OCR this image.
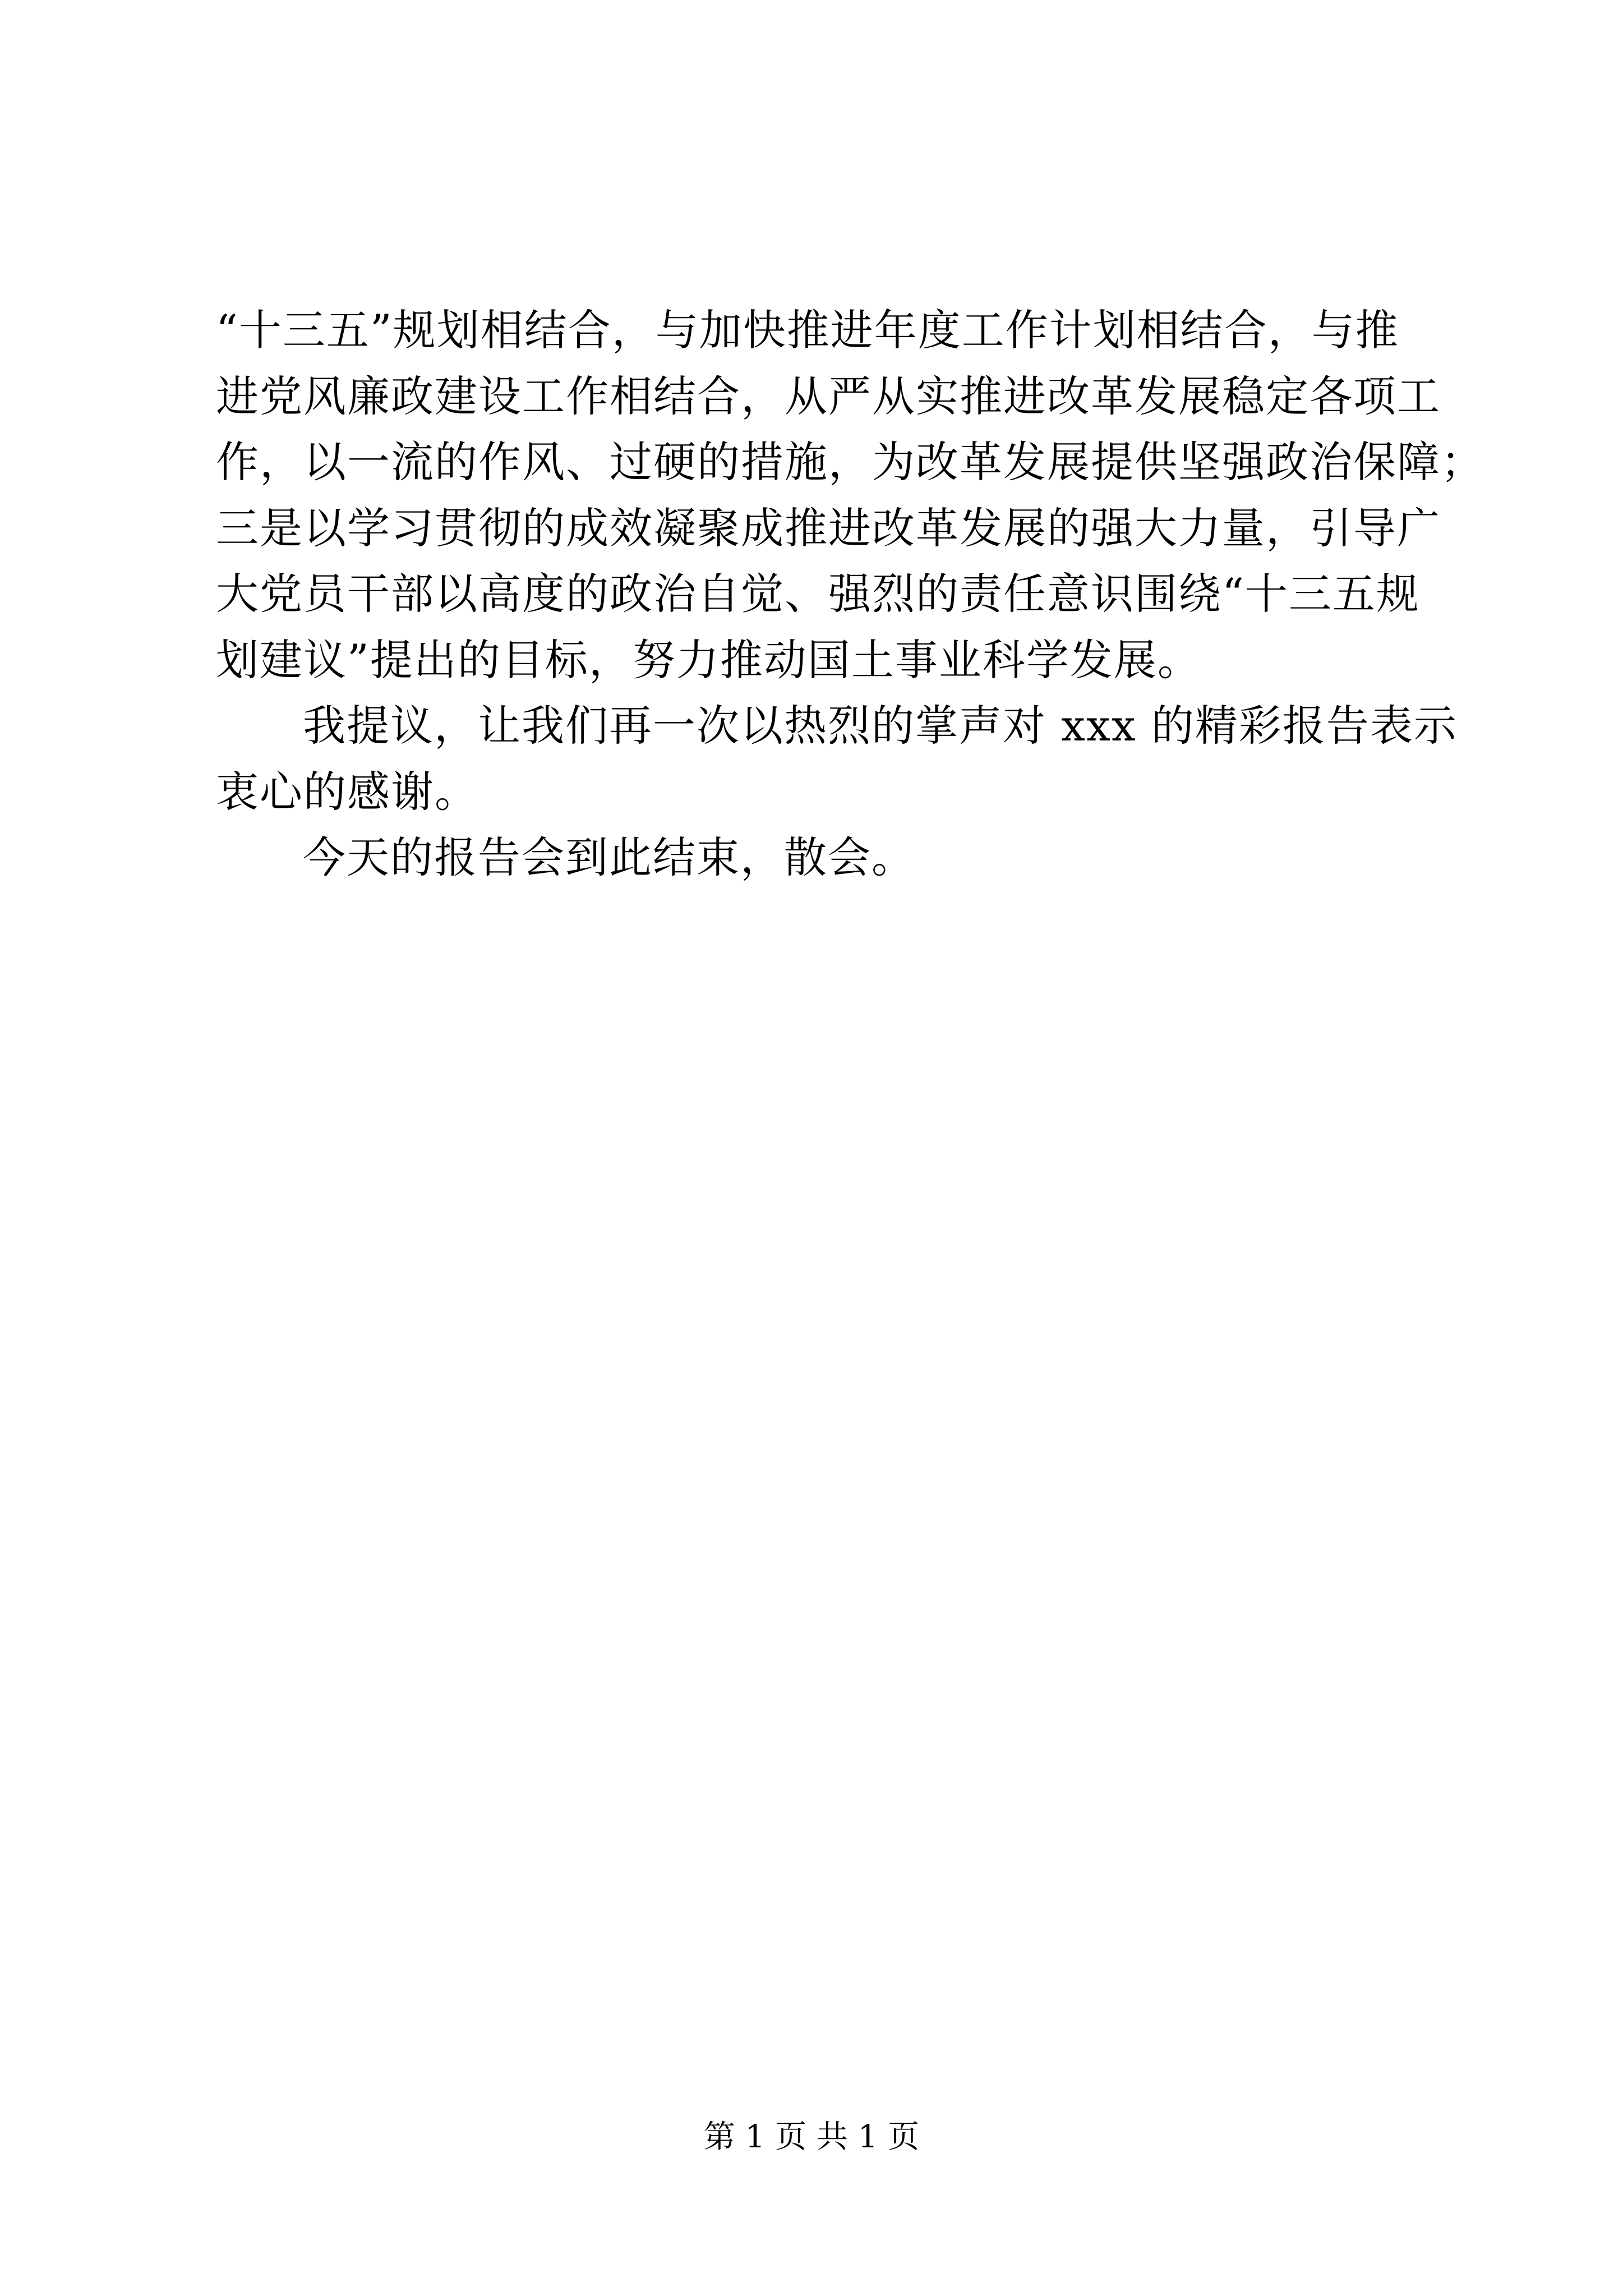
“十三五”规划相结合，与加快推进年度工作计划相结合，与推
进党风廉政建设工作相结合，从严从实推进改革发展稳定各项工
作，以一流的作风、过硬的措施，为改革发展提供坚强政治保障；
三是以学习贯彻的成效凝聚成推进改革发展的强大力量，引导广
大党员干部以高度的政治自觉、强烈的责任意识围绕“十三五规
划建议”提出的目标，努力推动国土事业科学发展。
我提议，让我们再一次以热烈的掌声对 xxx 的精彩报告表示
衷心的感谢。
今天的报告会到此结束，散会。
第 1 页 共 1 页
